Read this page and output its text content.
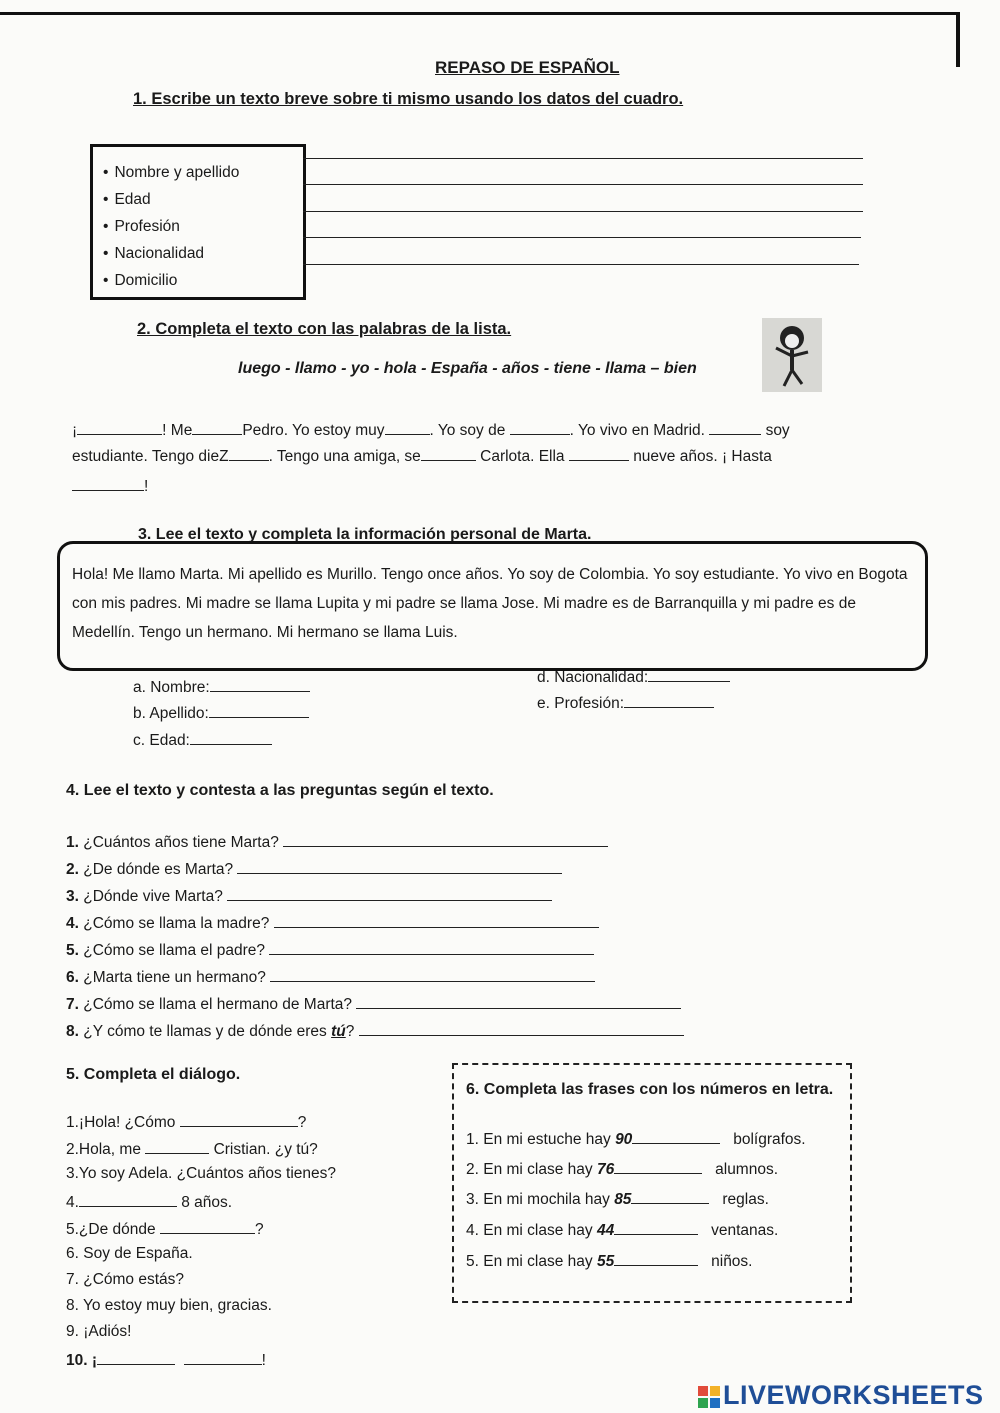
REPASO DE ESPAÑOL
1. Escribe un texto breve sobre ti mismo usando los datos del cuadro.
• Nombre y apellido
• Edad
• Profesión
• Nacionalidad
• Domicilio
2. Completa el texto con las palabras de la lista.
luego - llamo - yo - hola - España - años - tiene - llama – bien
¡	! Me	Pedro. Yo estoy muy	. Yo soy de	. Yo vivo en Madrid.	soy
estudiante. Tengo dieZ	. Tengo una amiga, se	Carlota. Ella	nueve años. ¡ Hasta
!
3. Lee el texto y completa la información personal de Marta.

Hola! Me llamo Marta. Mi apellido es Murillo. Tengo once años. Yo soy de Colombia. Yo soy estudiante. Yo vivo en Bogota con mis padres. Mi madre se llama Lupita y mi padre se llama Jose. Mi madre es de Barranquilla y mi padre es de Medellín. Tengo un hermano. Mi hermano se llama Luis.

a. Nombre:
b. Apellido:
c. Edad:
d. Nacionalidad:
e. Profesión:
4. Lee el texto y contesta a las preguntas según el texto.
1. ¿Cuántos años tiene Marta?
2. ¿De dónde es Marta?
3. ¿Dónde vive Marta?
4. ¿Cómo se llama la madre?
5. ¿Cómo se llama el padre?
6. ¿Marta tiene un hermano?
7. ¿Cómo se llama el hermano de Marta?
8. ¿Y cómo te llamas y de dónde eres tú?
5. Completa el diálogo.
1.¡Hola! ¿Cómo	?
2.Hola, me	Cristian. ¿y tú?
3.Yo soy Adela. ¿Cuántos años tienes?
4.	8 años.
5.¿De dónde	?
6. Soy de España.
7. ¿Cómo estás?
8. Yo estoy muy bien, gracias.
9. ¡Adiós!
10. ¡	!
6. Completa las frases con los números en letra.
1. En mi estuche hay 90	bolígrafos.
2. En mi clase hay 76	alumnos.
3. En mi mochila hay 85	reglas.
4. En mi clase hay 44	ventanas.
5. En mi clase hay 55	niños.
LIVEWORKSHEETS
